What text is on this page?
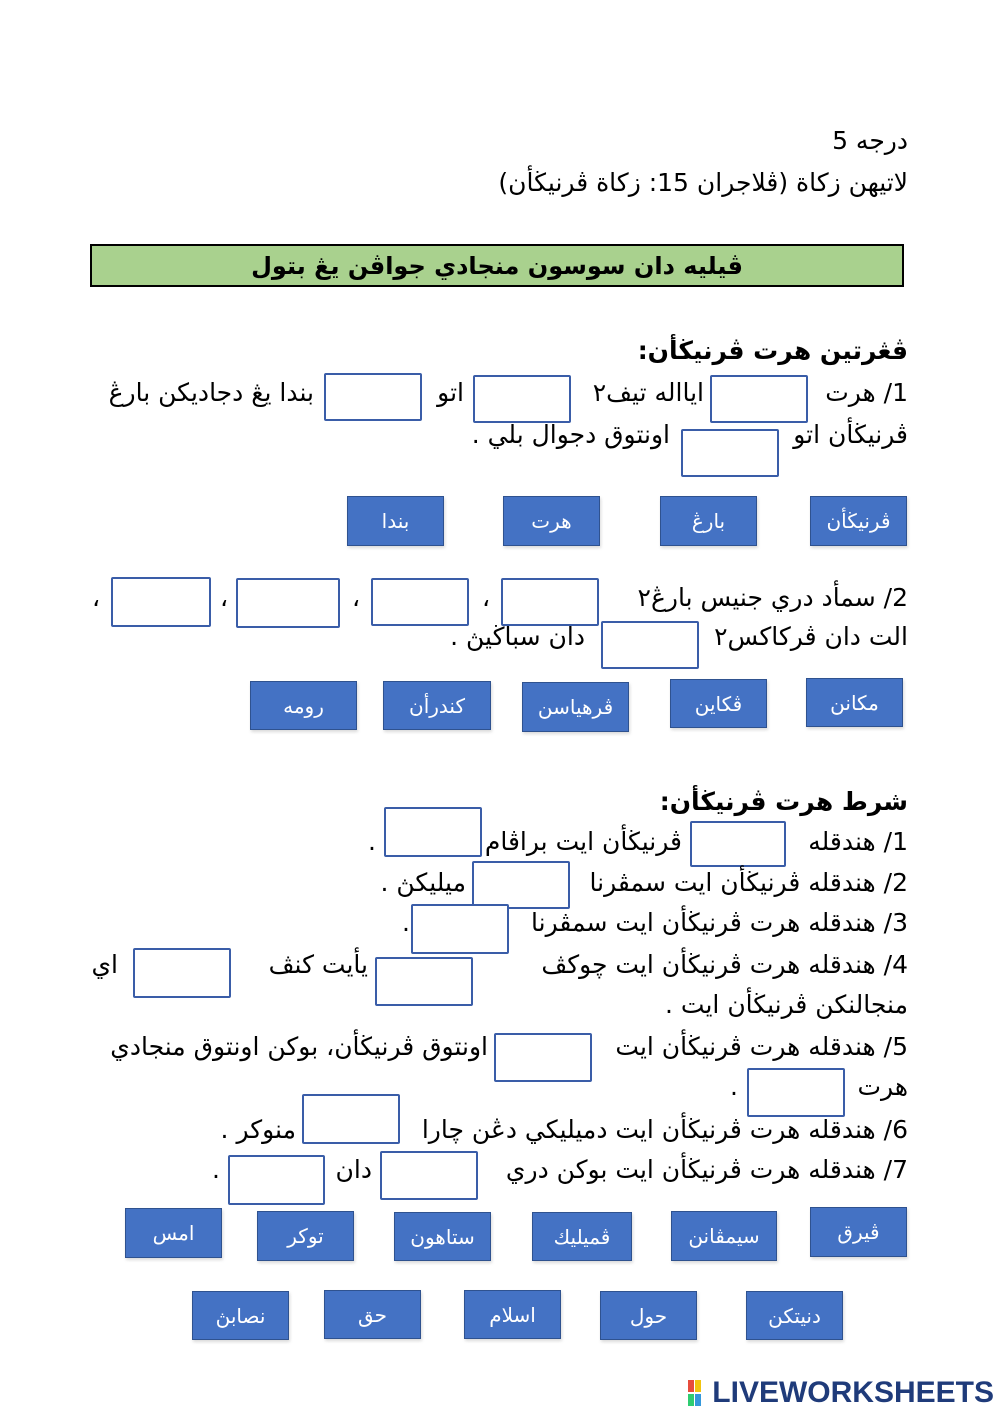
درجه 5
لاتيهن زكاة (ڤلاجران 15: زكاة ڤرنيڬأن)
ڤيليه دان سوسون منجادي جواڤن يڠ بتول
ڤڠرتين هرت ڤرنيڬأن:
1/ هرت
ايااله تيف٢
اتو
بندا يڠ دجاديكن بارڠ
ڤرنيڬأن اتو
اونتوق دجوال بلي .
ڤرنيڬأن
بارڠ
هرت
بندا
2/ سمأد دري جنيس بارڠ٢
،
،
،
،
الت دان ڤركاكس٢
دان سباڬيڽ .
مكانن
ڤكاين
ڤرهياسن
كندرأن
رومه
شرط هرت ڤرنيڬأن:
1/ هندقله
ڤرنيڬأن ايت براڤام
.
2/ هندقله ڤرنيڬأن ايت سمڤرنا
ميليكڽ .
3/ هندقله هرت ڤرنيڬأن ايت سمڤرنا
.
4/ هندقله هرت ڤرنيڬأن ايت چوكڤ
يأيت كنڤ
اي
منجالنكن ڤرنيڬأن ايت .
5/ هندقله هرت ڤرنيڬأن ايت
اونتوق ڤرنيڬأن، بوكن اونتوق منجادي
هرت
.
6/ هندقله هرت ڤرنيڬأن ايت دميليكي دڠن چارا
منوكر .
7/ هندقله هرت ڤرنيڬأن ايت بوكن دري
دان
.
ڤيرق
سيمڤانن
ڤميليك
ستاهون
توكر
امس
دنيتكن
حول
اسلام
حق
نصابڽ
LIVEWORKSHEETS
